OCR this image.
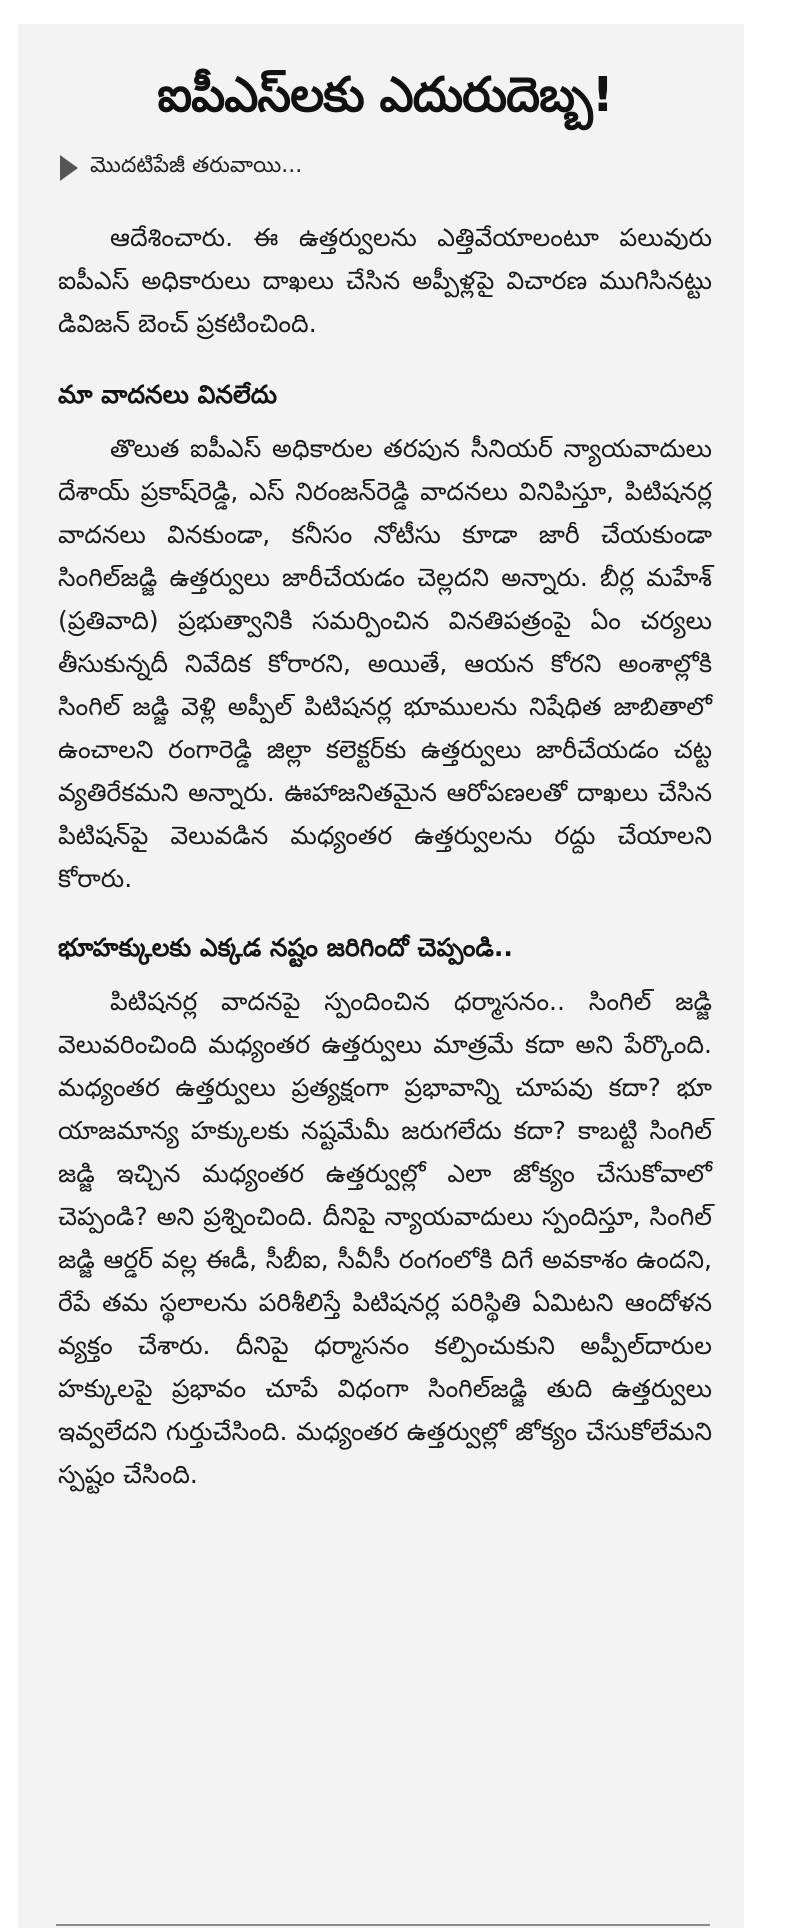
ఐపీఎస్‌లకు ఎదురుదెబ్బ!
మొదటిపేజీ తరువాయి...

ఆదేశించారు. ఈ ఉత్తర్వులను ఎత్తివేయాలంటూ పలువురు ఐపీఎస్ అధికారులు దాఖలు చేసిన అప్పీళ్లపై విచారణ ముగిసినట్టు డివిజన్ బెంచ్ ప్రకటించింది.

మా వాదనలు వినలేదు

తొలుత ఐపీఎస్ అధికారుల తరపున సీనియర్ న్యాయవాదులు దేశాయ్ ప్రకాష్‌రెడ్డి, ఎస్ నిరంజన్‌రెడ్డి వాదనలు వినిపిస్తూ, పిటిషనర్ల వాదనలు వినకుండా, కనీసం నోటీసు కూడా జారీ చేయకుండా సింగిల్‌జడ్జి ఉత్తర్వులు జారీచేయడం చెల్లదని అన్నారు. బీర్ల మహేశ్ (ప్రతివాది) ప్రభుత్వానికి సమర్పించిన వినతిపత్రంపై ఏం చర్యలు తీసుకున్నదీ నివేదిక కోరారని, అయితే, ఆయన కోరని అంశాల్లోకి సింగిల్ జడ్జి వెళ్లి అప్పీల్ పిటిషనర్ల భూములను నిషేధిత జాబితాలో ఉంచాలని రంగారెడ్డి జిల్లా కలెక్టర్‌కు ఉత్తర్వులు జారీచేయడం చట్ట వ్యతిరేకమని అన్నారు. ఊహాజనితమైన ఆరోపణలతో దాఖలు చేసిన పిటిషన్‌పై వెలువడిన మధ్యంతర ఉత్తర్వులను రద్దు చేయాలని కోరారు.

భూహక్కులకు ఎక్కడ నష్టం జరిగిందో చెప్పండి..

పిటిషనర్ల వాదనపై స్పందించిన ధర్మాసనం.. సింగిల్ జడ్జి వెలువరించింది మధ్యంతర ఉత్తర్వులు మాత్రమే కదా అని పేర్కొంది. మధ్యంతర ఉత్తర్వులు ప్రత్యక్షంగా ప్రభావాన్ని చూపవు కదా? భూ యాజమాన్య హక్కులకు నష్టమేమీ జరుగలేదు కదా? కాబట్టి సింగిల్ జడ్జి ఇచ్చిన మధ్యంతర ఉత్తర్వుల్లో ఎలా జోక్యం చేసుకోవాలో చెప్పండి? అని ప్రశ్నించింది. దీనిపై న్యాయవాదులు స్పందిస్తూ, సింగిల్ జడ్జి ఆర్డర్ వల్ల ఈడీ, సీబీఐ, సీవీసీ రంగంలోకి దిగే అవకాశం ఉందని, రేపే తమ స్థలాలను పరిశీలిస్తే పిటిషనర్ల పరిస్థితి ఏమిటని ఆందోళన వ్యక్తం చేశారు. దీనిపై ధర్మాసనం కల్పించుకుని అప్పీల్‌దారుల హక్కులపై ప్రభావం చూపే విధంగా సింగిల్‌జడ్జి తుది ఉత్తర్వులు ఇవ్వలేదని గుర్తుచేసింది. మధ్యంతర ఉత్తర్వుల్లో జోక్యం చేసుకోలేమని స్పష్టం చేసింది.
